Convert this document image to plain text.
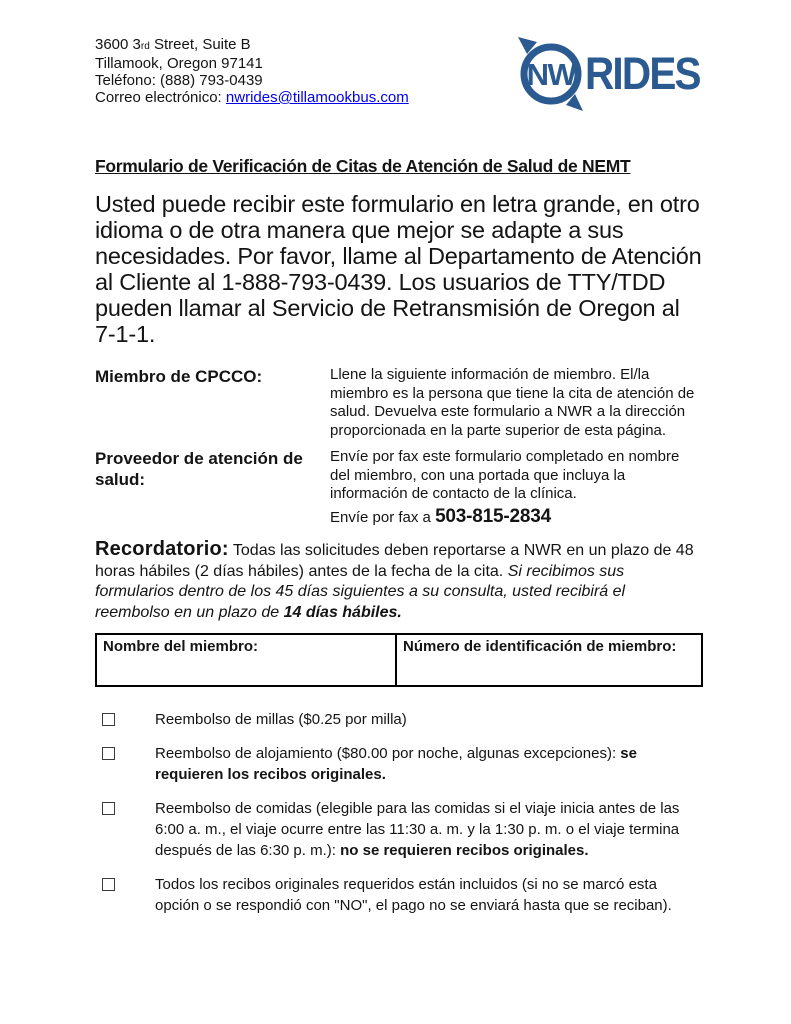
3600 3rd Street, Suite B
Tillamook, Oregon 97141
Teléfono: (888) 793-0439
Correo electrónico: nwrides@tillamookbus.com
NW RIDES
Formulario de Verificación de Citas de Atención de Salud de NEMT

Usted puede recibir este formulario en letra grande, en otro idioma o de otra manera que mejor se adapte a sus necesidades. Por favor, llame al Departamento de Atención al Cliente al 1-888-793-0439. Los usuarios de TTY/TDD pueden llamar al Servicio de Retransmisión de Oregon al 7-1-1.

Miembro de CPCCO:	Llene la siguiente información de miembro. El/la miembro es la persona que tiene la cita de atención de salud. Devuelva este formulario a NWR a la dirección proporcionada en la parte superior de esta página.
Proveedor de atención de salud:
Envíe por fax este formulario completado en nombre del miembro, con una portada que incluya la información de contacto de la clínica.
Envíe por fax a 503-815-2834

Recordatorio: Todas las solicitudes deben reportarse a NWR en un plazo de 48 horas hábiles (2 días hábiles) antes de la fecha de la cita. Si recibimos sus formularios dentro de los 45 días siguientes a su consulta, usted recibirá el reembolso en un plazo de 14 días hábiles.

Nombre del miembro:	Número de identificación de miembro:
Reembolso de millas ($0.25 por milla)
Reembolso de alojamiento ($80.00 por noche, algunas excepciones): se requieren los recibos originales.
Reembolso de comidas (elegible para las comidas si el viaje inicia antes de las 6:00 a. m., el viaje ocurre entre las 11:30 a. m. y la 1:30 p. m. o el viaje termina después de las 6:30 p. m.): no se requieren recibos originales.
Todos los recibos originales requeridos están incluidos (si no se marcó esta opción o se respondió con "NO", el pago no se enviará hasta que se reciban).
